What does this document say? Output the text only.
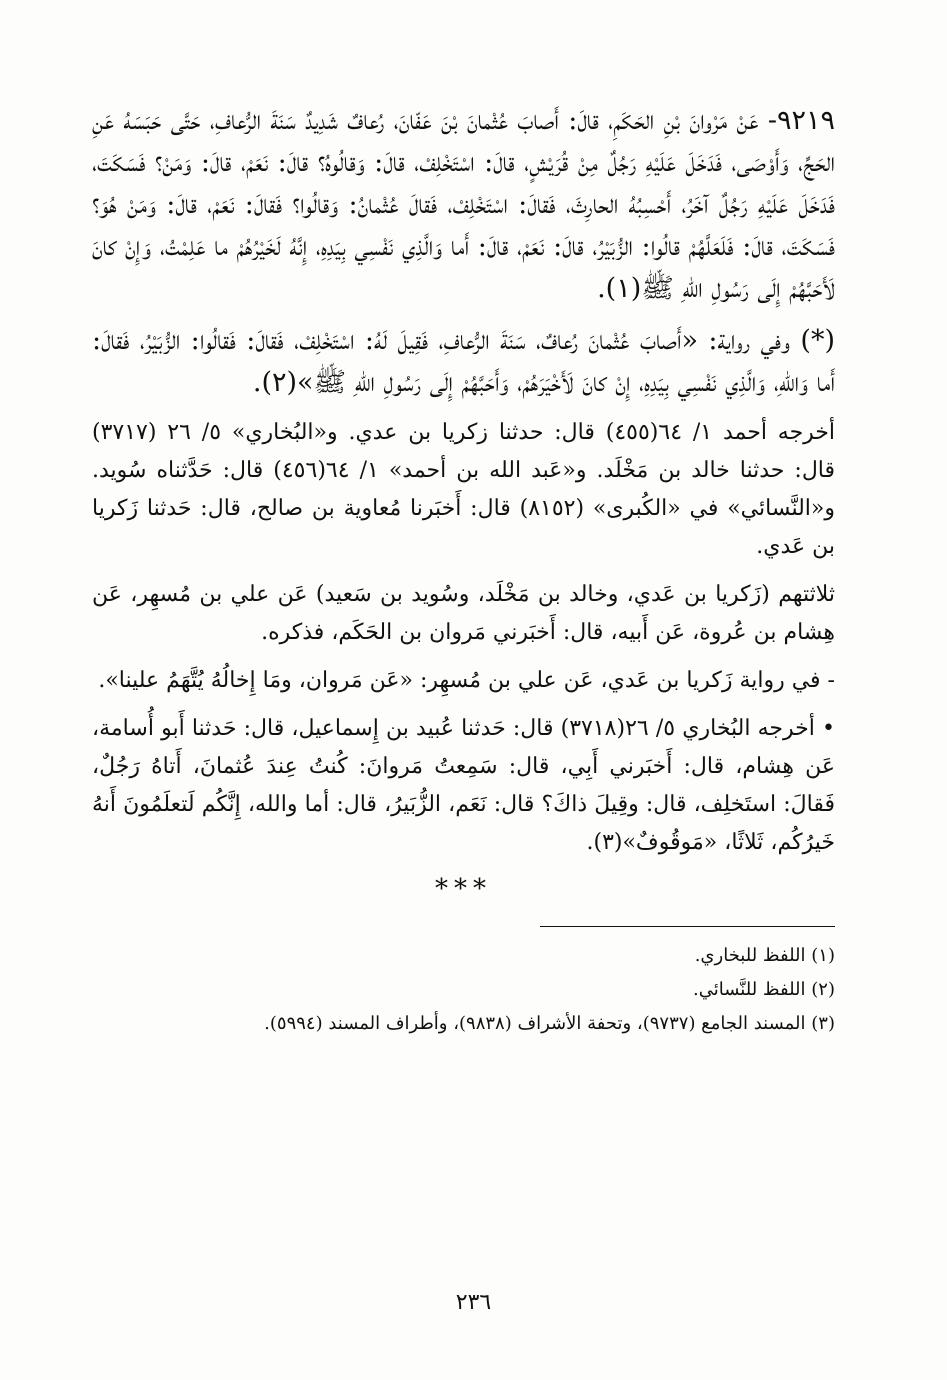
٩٢١٩- عَنْ مَرْوانَ بْنِ الحَكَمِ، قالَ: أَصابَ عُثْمانَ بْنَ عَفّانَ، رُعافٌ شَدِيدٌ سَنَةَ الرُّعافِ، حَتَّى حَبَسَهُ عَنِ الحَجِّ، وَأَوْصَى، فَدَخَلَ عَلَيْهِ رَجُلٌ مِنْ قُرَيْشٍ، قالَ: اسْتَخْلِفْ، قالَ: وَقالُوهُ؟ قالَ: نَعَمْ، قالَ: وَمَنْ؟ فَسَكَتَ، فَدَخَلَ عَلَيْهِ رَجُلٌ آخَرُ، أَحْسِبُهُ الحارِثَ، فَقالَ: اسْتَخْلِفْ، فَقالَ عُثْمانُ: وَقالُوا؟ فَقالَ: نَعَمْ، قالَ: وَمَنْ هُوَ؟ فَسَكَتَ، قالَ: فَلَعَلَّهُمْ قالُوا: الزُّبَيْرُ، قالَ: نَعَمْ، قالَ: أَما وَالَّذِي نَفْسِي بِيَدِهِ، إِنَّهُ لَخَيْرُهُمْ ما عَلِمْتُ، وَإِنْ كانَ لَأَحَبَّهُمْ إِلَى رَسُولِ اللهِ ﷺ(١).

(*) وفي رواية: «أَصابَ عُثْمانَ رُعافٌ، سَنَةَ الرُّعافِ، فَقِيلَ لَهُ: اسْتَخْلِفْ، فَقالَ: فَقالُوا: الزُّبَيْرُ، فَقالَ: أَما وَاللهِ، وَالَّذِي نَفْسِي بِيَدِهِ، إِنْ كانَ لَأَخْيَرَهُمْ، وَأَحَبَّهُمْ إِلَى رَسُولِ اللهِ ﷺ»(٢).

أخرجه أحمد ١/ ٦٤(٤٥٥) قال: حدثنا زكريا بن عدي. و«البُخاري» ٥/ ٢٦ (٣٧١٧) قال: حدثنا خالد بن مَخْلَد. و«عَبد الله بن أحمد» ١/ ٦٤(٤٥٦) قال: حَدَّثناه سُويد. و«النَّسائي» في «الكُبرى» (٨١٥٢) قال: أَخبَرنا مُعاوية بن صالح، قال: حَدثنا زَكريا بن عَدي.

ثلاثتهم (زَكريا بن عَدي، وخالد بن مَخْلَد، وسُويد بن سَعيد) عَن علي بن مُسهِر، عَن هِشام بن عُروة، عَن أَبيه، قال: أَخبَرني مَروان بن الحَكَم، فذكره.

- في رواية زَكريا بن عَدي، عَن علي بن مُسهِر: «عَن مَروان، ومَا إِخالُهُ يُتَّهَمُ علينا».

• أخرجه البُخاري ٥/ ٢٦(٣٧١٨) قال: حَدثنا عُبيد بن إِسماعيل، قال: حَدثنا أَبو أُسامة، عَن هِشام، قال: أَخبَرني أَبِي، قال: سَمِعتُ مَروانَ: كُنتُ عِندَ عُثمانَ، أَتاهُ رَجُلٌ، فَقالَ: استَخلِف، قال: وقِيلَ ذاكَ؟ قال: نَعَم، الزُّبَيرُ، قال: أما والله، إِنَّكُم لَتعلَمُونَ أَنهُ خَيرُكُم، ثَلاثًا، «مَوقُوفٌ»(٣).

***
(١) اللفظ للبخاري.
(٢) اللفظ للنَّسائي.
(٣) المسند الجامع (٩٧٣٧)، وتحفة الأشراف (٩٨٣٨)، وأطراف المسند (٥٩٩٤).
٢٣٦
